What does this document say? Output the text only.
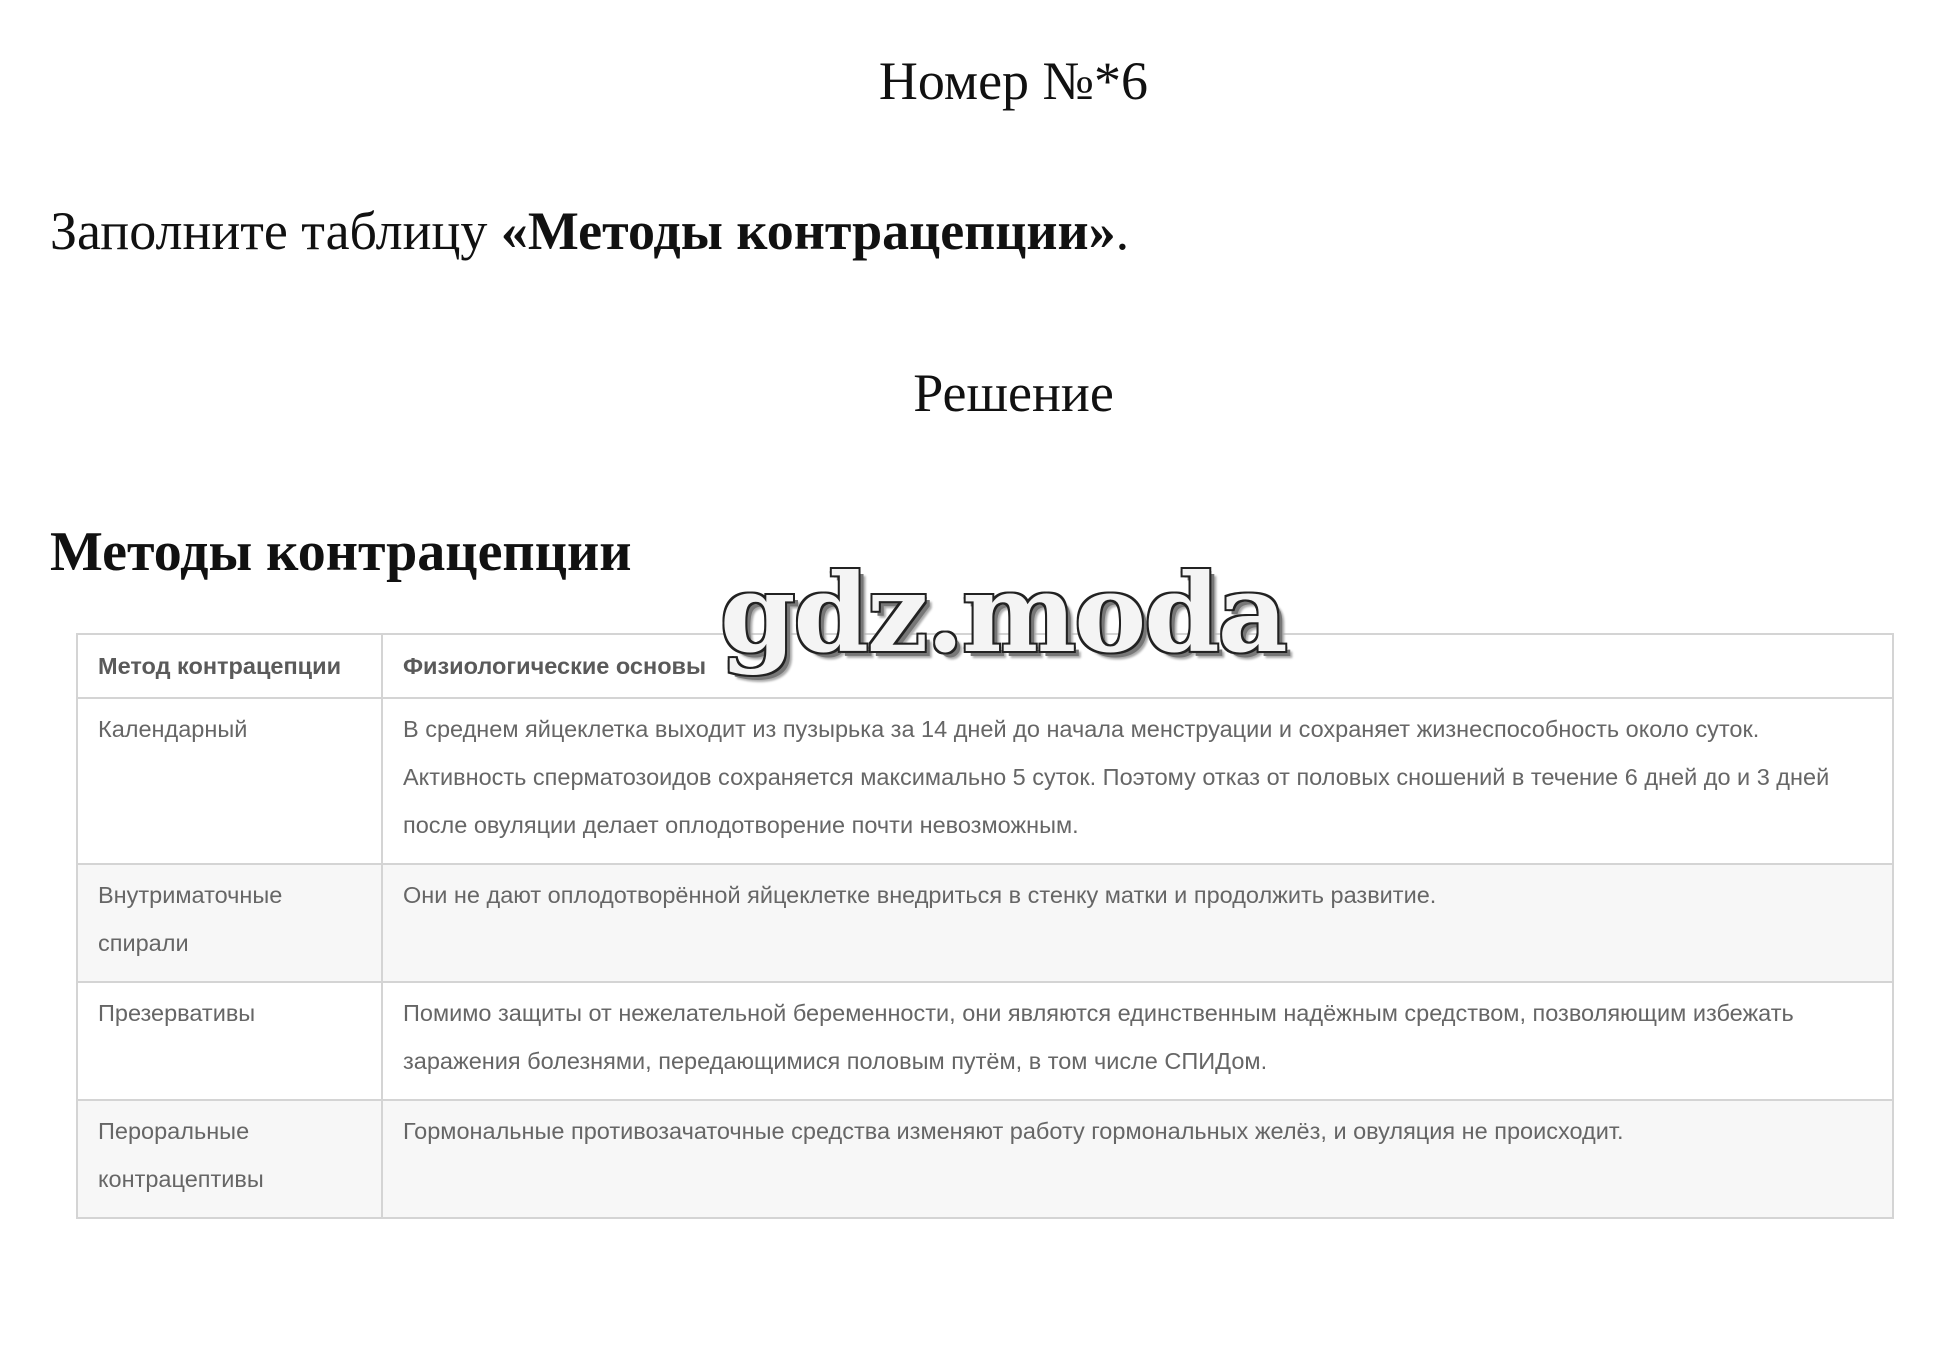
Номер №*6

Заполните таблицу «Методы контрацепции».

Решение

Методы контрацепции gdz.moda
Метод контрацепции	Физиологические основы
Календарный	В среднем яйцеклетка выходит из пузырька за 14 дней до начала менструации и сохраняет жизнеспособность около суток. Активность сперматозоидов сохраняется максимально 5 суток. Поэтому отказ от половых сношений в течение 6 дней до и 3 дней после овуляции делает оплодотворение почти невозможным.
Внутриматочные спирали	Они не дают оплодотворённой яйцеклетке внедриться в стенку матки и продолжить развитие.
Презервативы	Помимо защиты от нежелательной беременности, они являются единственным надёжным средством, позволяющим избежать заражения болезнями, передающимися половым путём, в том числе СПИДом.
Пероральные контрацептивы	Гормональные противозачаточные средства изменяют работу гормональных желёз, и овуляция не происходит.
